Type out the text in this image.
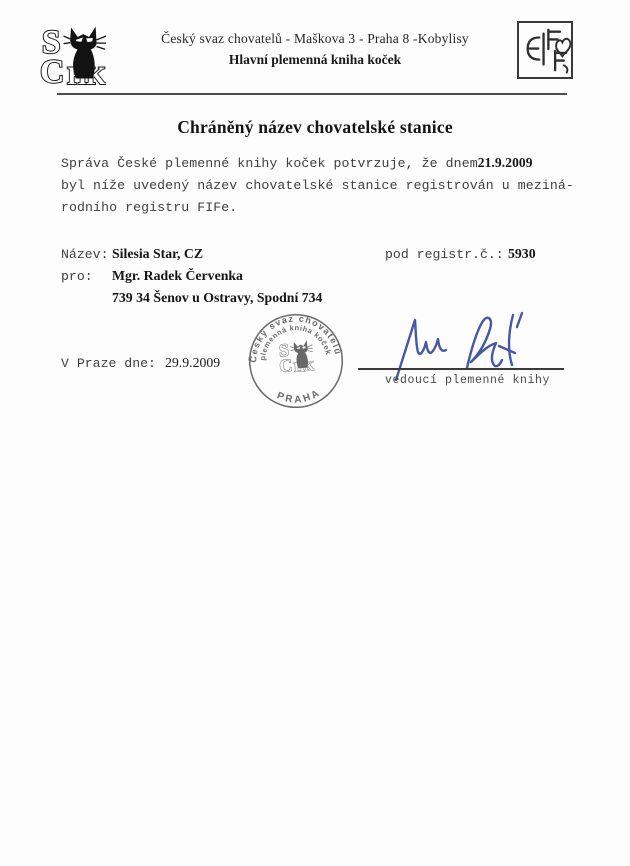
Český svaz chovatelů - Maškova 3 - Praha 8 -Kobylisy
Hlavní plemenná kniha koček
Chráněný název chovatelské stanice
Správa České plemenné knihy koček potvrzuje, že dnem21.9.2009
byl níže uvedený název chovatelské stanice registrován u meziná-
rodního registru FIFe.
Název: Silesia Star, CZ	pod registr.č.: 5930
pro: Mgr. Radek Červenka
739 34 Šenov u Ostravy, Spodní 734
V Praze dne: 29.9.2009	Český svaz chovatelů
plemenná kniha koček
PRAHA
vedoucí plemenné knihy
